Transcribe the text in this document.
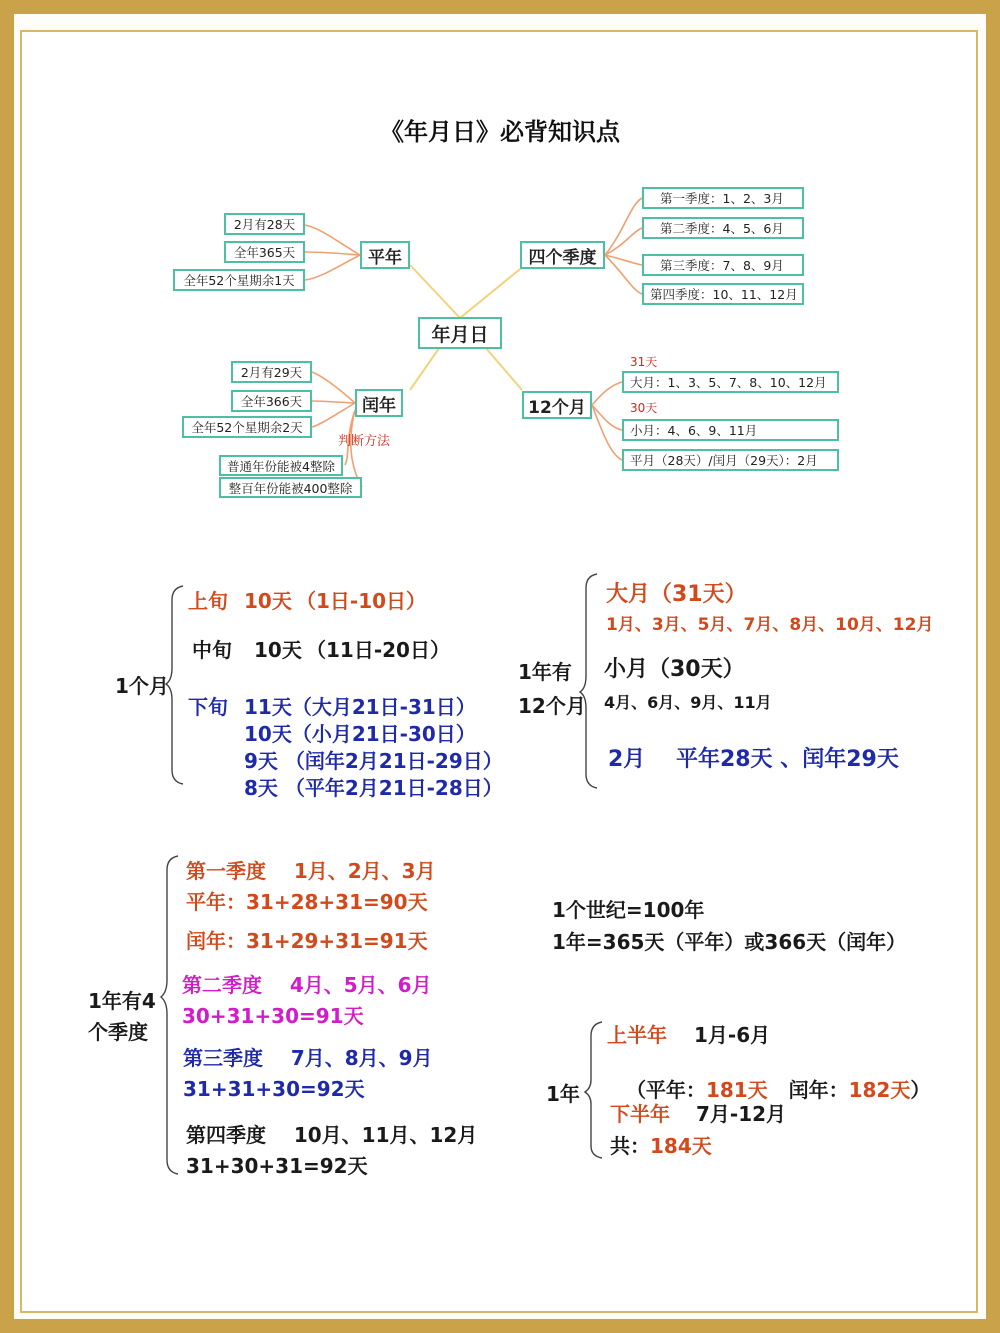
《年月日》必背知识点
年月日
平年
2月有28天
全年365天
全年52个星期余1天
四个季度
第一季度：1、2、3月
第二季度：4、5、6月
第三季度：7、8、9月
第四季度：10、11、12月
闰年
2月有29天
全年366天
全年52个星期余2天
判断方法
普通年份能被4整除
整百年份能被400整除
12个月
31天
大月：1、3、5、7、8、10、12月
30天
小月：4、6、9、11月
平月（28天）/闰月（29天）：2月
1个月
上旬 10天 （1日-10日）
中旬 10天 （11日-20日）
下旬 11天（大月21日-31日）
10天（小月21日-30日）
9天 （闰年2月21日-29日）
8天 （平年2月21日-28日）
1年有
12个月
大月（31天）
1月、3月、5月、7月、8月、10月、12月
小月（30天）
4月、6月、9月、11月
2月    平年28天 、闰年29天
1年有4
个季度
第一季度    1月、2月、3月
平年：31+28+31=90天
闰年：31+29+31=91天
第二季度    4月、5月、6月
30+31+30=91天
第三季度    7月、8月、9月
31+31+30=92天
第四季度    10月、11月、12月
31+30+31=92天
1个世纪=100年
1年=365天（平年）或366天（闰年）
1年
上半年 1月-6月

（平年：181天   闰年：182天）

下半年 7月-12月
共：184天
